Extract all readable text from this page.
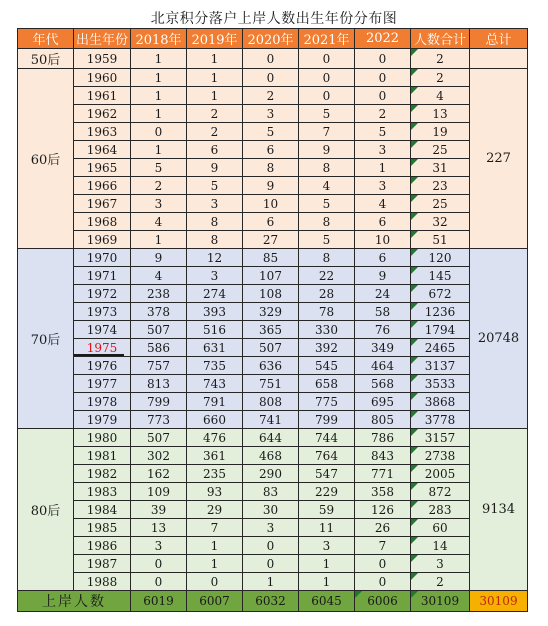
北京积分落户上岸人数出生年份分布图
年代	出生年份	2018年	2019年	2020年	2021年	2022	人数合计	总计
50后	1959	1	1	0	0	0	2	
60后	1960	1	1	0	0	0	2	227
	1961	1	1	2	0	0	4	
	1962	1	2	3	5	2	13	
	1963	0	2	5	7	5	19	
	1964	1	6	6	9	3	25	
	1965	5	9	8	8	1	31	
	1966	2	5	9	4	3	23	
	1967	3	3	10	5	4	25	
	1968	4	8	6	8	6	32	
	1969	1	8	27	5	10	51	
70后	1970	9	12	85	8	6	120	20748
	1971	4	3	107	22	9	145	
	1972	238	274	108	28	24	672	
	1973	378	393	329	78	58	1236	
	1974	507	516	365	330	76	1794	
	1975	586	631	507	392	349	2465	
	1976	757	735	636	545	464	3137	
	1977	813	743	751	658	568	3533	
	1978	799	791	808	775	695	3868	
	1979	773	660	741	799	805	3778	
80后	1980	507	476	644	744	786	3157	9134
	1981	302	361	468	764	843	2738	
	1982	162	235	290	547	771	2005	
	1983	109	93	83	229	358	872	
	1984	39	29	30	59	126	283	
	1985	13	7	3	11	26	60	
	1986	3	1	0	3	7	14	
	1987	0	1	0	1	0	3	
	1988	0	0	1	1	0	2	
上岸人数		6019	6007	6032	6045	6006	30109	30109
